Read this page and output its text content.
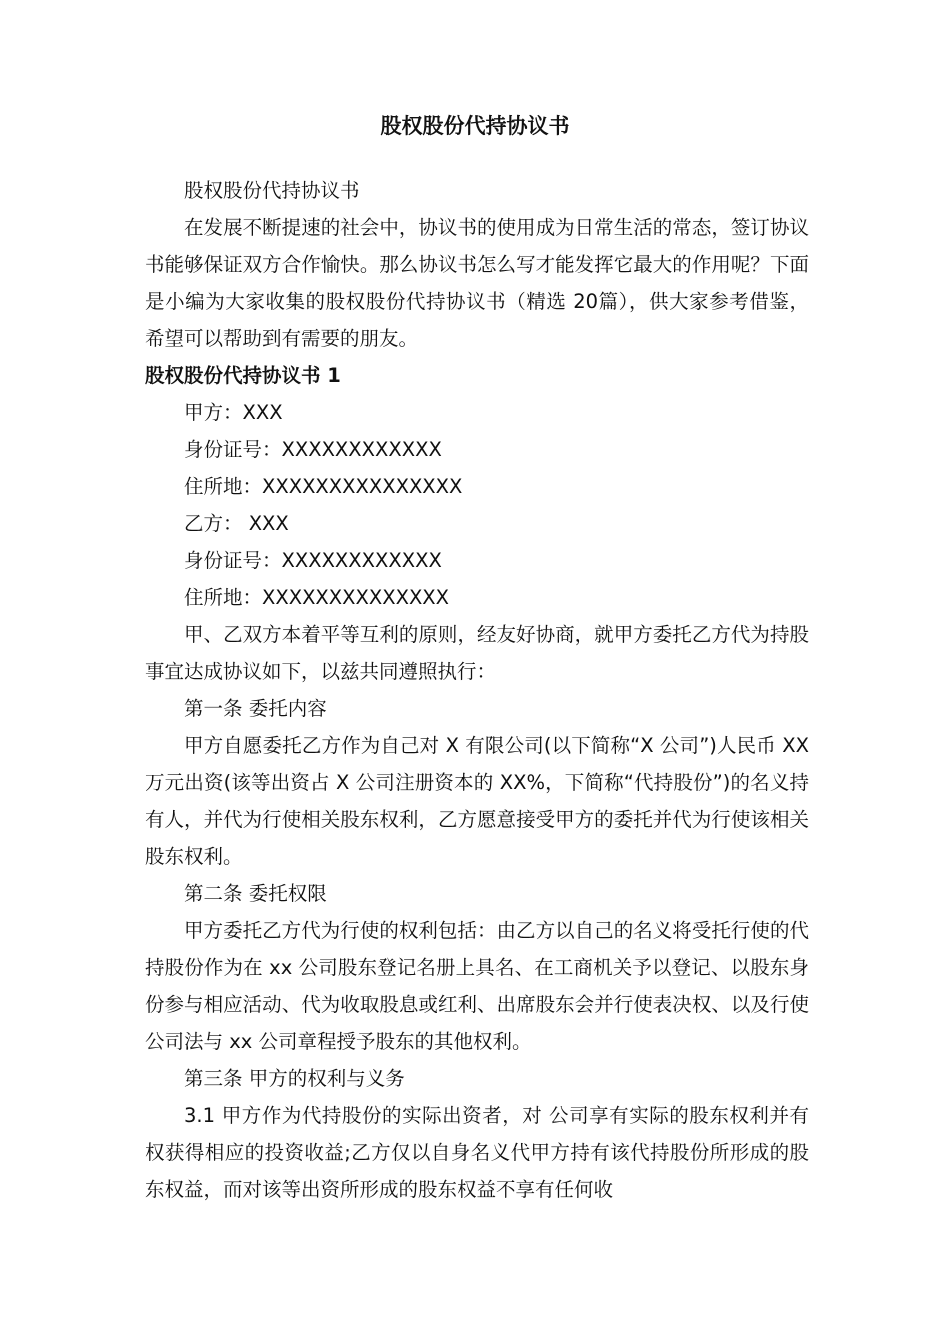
股权股份代持协议书

股权股份代持协议书

在发展不断提速的社会中，协议书的使用成为日常生活的常态，签订协议书能够保证双方合作愉快。那么协议书怎么写才能发挥它最大的作用呢？下面是小编为大家收集的股权股份代持协议书（精选 20篇），供大家参考借鉴，希望可以帮助到有需要的朋友。

股权股份代持协议书 1

甲方：XXX

身份证号：XXXXXXXXXXXX

住所地：XXXXXXXXXXXXXXX

乙方： XXX

身份证号：XXXXXXXXXXXX

住所地：XXXXXXXXXXXXXX

甲、乙双方本着平等互利的原则，经友好协商，就甲方委托乙方代为持股事宜达成协议如下，以兹共同遵照执行：

第一条 委托内容

甲方自愿委托乙方作为自己对 X 有限公司(以下简称“X 公司”)人民币 XX 万元出资(该等出资占 X 公司注册资本的 XX%，下简称“代持股份”)的名义持有人，并代为行使相关股东权利，乙方愿意接受甲方的委托并代为行使该相关股东权利。

第二条 委托权限

甲方委托乙方代为行使的权利包括：由乙方以自己的名义将受托行使的代持股份作为在 xx 公司股东登记名册上具名、在工商机关予以登记、以股东身份参与相应活动、代为收取股息或红利、出席股东会并行使表决权、以及行使公司法与 xx 公司章程授予股东的其他权利。

第三条 甲方的权利与义务

3.1 甲方作为代持股份的实际出资者，对 公司享有实际的股东权利并有权获得相应的投资收益;乙方仅以自身名义代甲方持有该代持股份所形成的股东权益，而对该等出资所形成的股东权益不享有任何收
